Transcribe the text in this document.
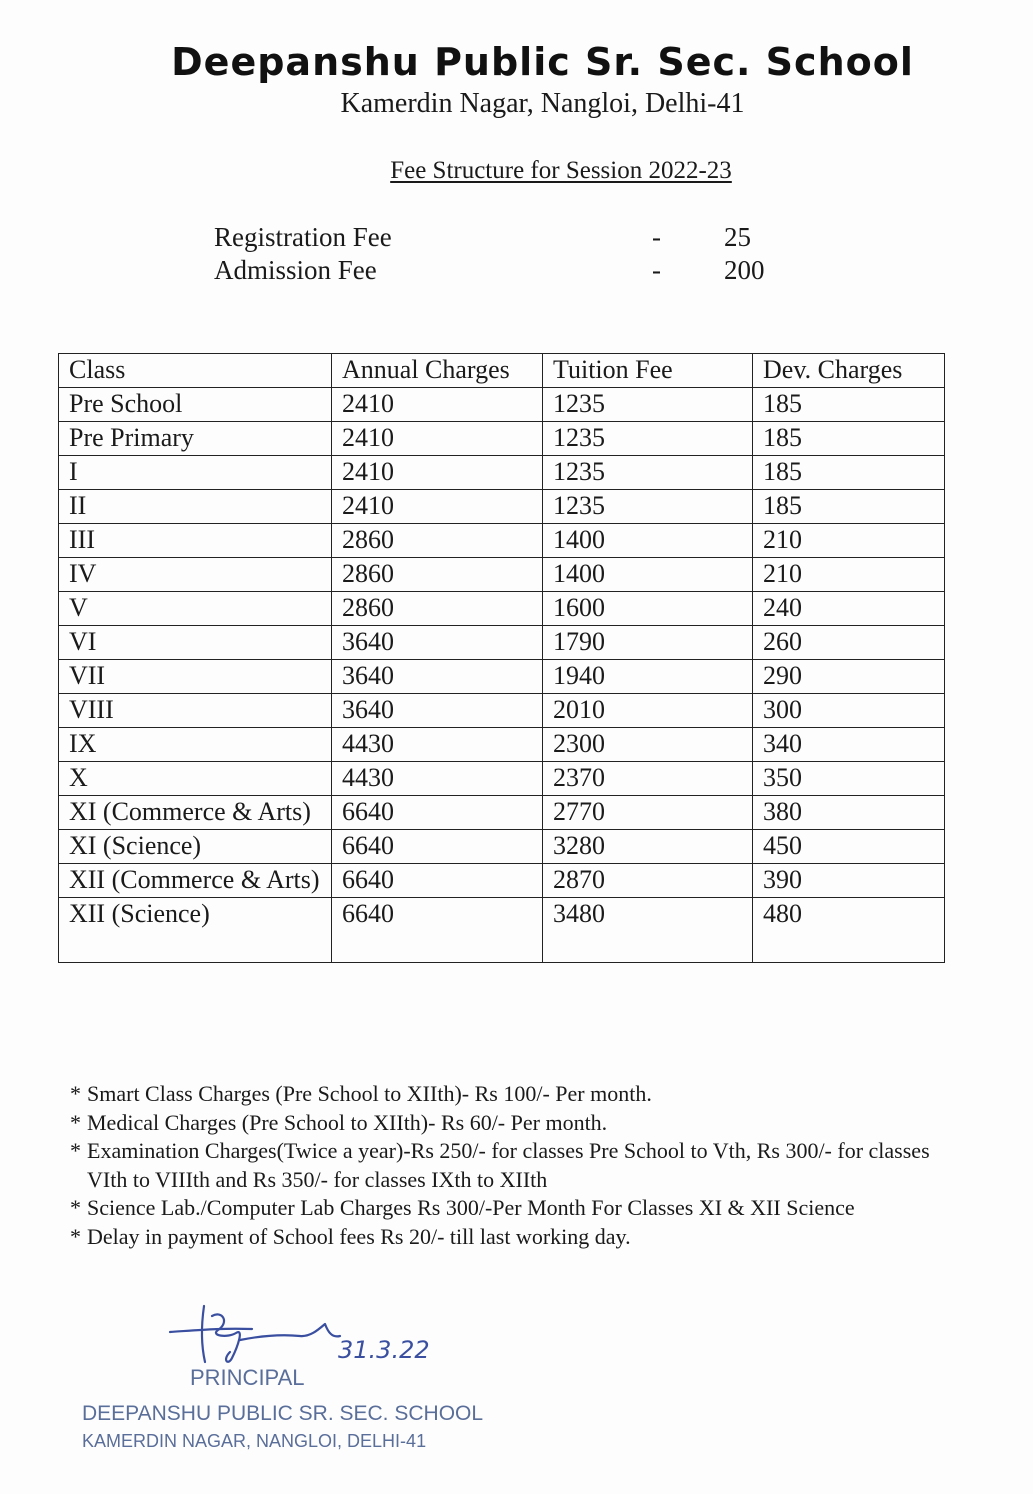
Deepanshu Public Sr. Sec. School
Kamerdin Nagar, Nangloi, Delhi-41
Fee Structure for Session 2022-23
Registration Fee	- 25
Admission Fee	- 200
Class	Annual Charges	Tuition Fee	Dev. Charges
Pre School	2410	1235	185
Pre Primary	2410	1235	185
I	2410	1235	185
II	2410	1235	185
III	2860	1400	210
IV	2860	1400	210
V	2860	1600	240
VI	3640	1790	260
VII	3640	1940	290
VIII	3640	2010	300
IX	4430	2300	340
X	4430	2370	350
XI (Commerce & Arts)	6640	2770	380
XI (Science)	6640	3280	450
XII (Commerce & Arts)	6640	2870	390
XII (Science)	6640	3480	480
* Smart Class Charges (Pre School to XIIth)- Rs 100/- Per month.
* Medical Charges (Pre School to XIIth)- Rs 60/- Per month.
* Examination Charges(Twice a year)-Rs 250/- for classes Pre School to Vth, Rs 300/- for classes VIth to VIIIth and Rs 350/- for classes IXth to XIIth
* Science Lab./Computer Lab Charges Rs 300/-Per Month For Classes XI & XII Science
* Delay in payment of School fees Rs 20/- till last working day.
31.3.22
PRINCIPAL
DEEPANSHU PUBLIC SR. SEC. SCHOOL
KAMERDIN NAGAR, NANGLOI, DELHI-41
